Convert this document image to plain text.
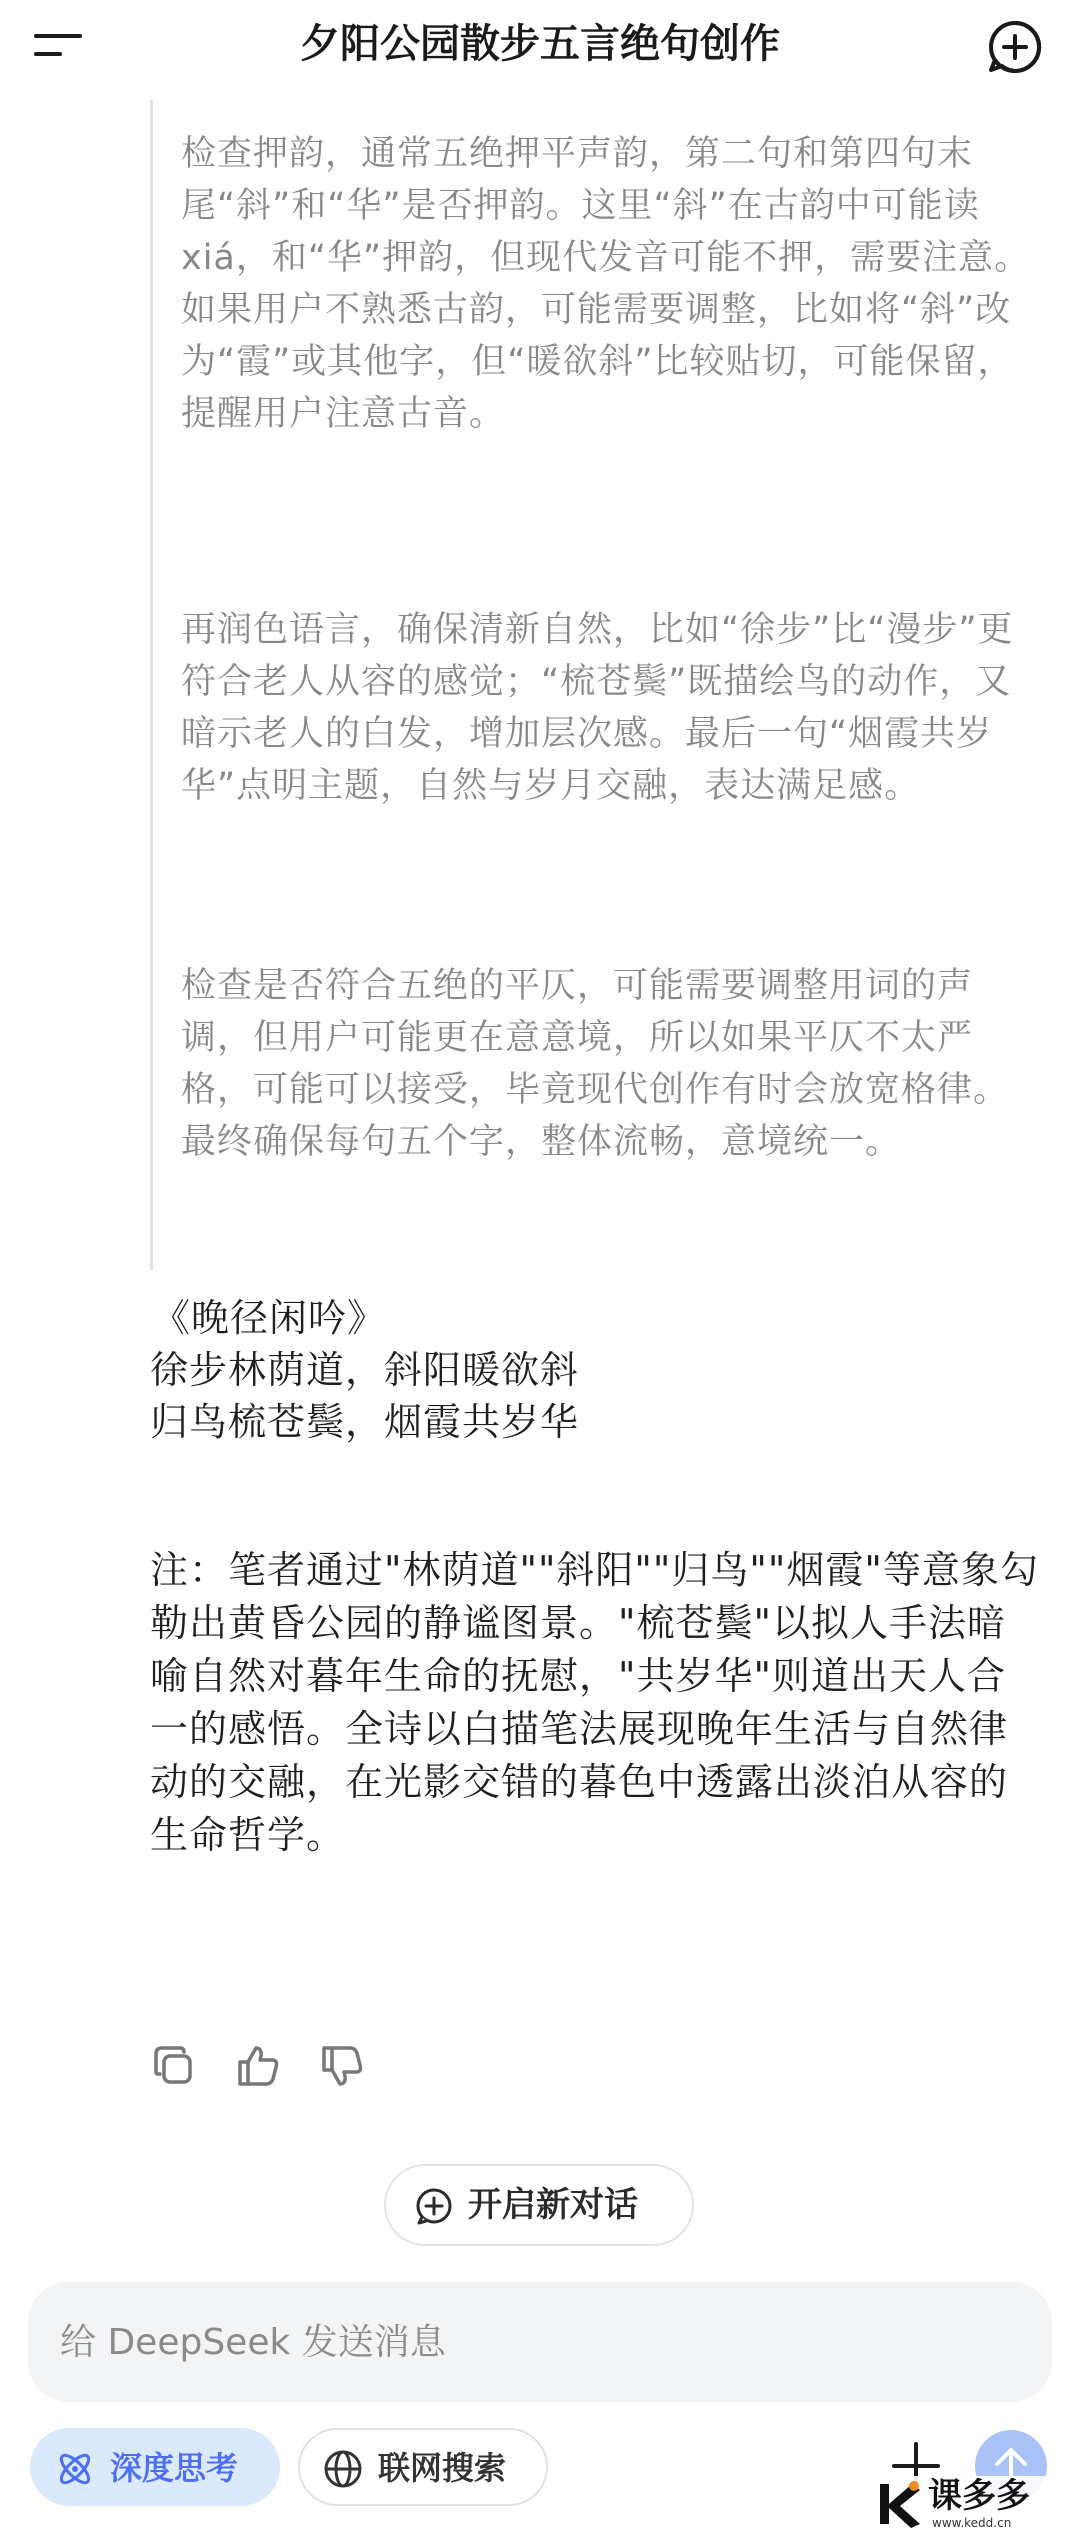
夕阳公园散步五言绝句创作

检查押韵，通常五绝押平声韵，第二句和第四句末尾“斜”和“华”是否押韵。这里“斜”在古韵中可能读xiá，和“华”押韵，但现代发音可能不押，需要注意。如果用户不熟悉古韵，可能需要调整，比如将“斜”改为“霞”或其他字，但“暖欲斜”比较贴切，可能保留，提醒用户注意古音。

再润色语言，确保清新自然，比如“徐步”比“漫步”更符合老人从容的感觉；“梳苍鬓”既描绘鸟的动作，又暗示老人的白发，增加层次感。最后一句“烟霞共岁华”点明主题，自然与岁月交融，表达满足感。

检查是否符合五绝的平仄，可能需要调整用词的声调，但用户可能更在意意境，所以如果平仄不太严格，可能可以接受，毕竟现代创作有时会放宽格律。最终确保每句五个字，整体流畅，意境统一。

《晚径闲吟》
徐步林荫道，斜阳暖欲斜
归鸟梳苍鬓，烟霞共岁华

注：笔者通过"林荫道""斜阳""归鸟""烟霞"等意象勾勒出黄昏公园的静谧图景。"梳苍鬓"以拟人手法暗喻自然对暮年生命的抚慰，"共岁华"则道出天人合一的感悟。全诗以白描笔法展现晚年生活与自然律动的交融，在光影交错的暮色中透露出淡泊从容的生命哲学。

开启新对话
给 DeepSeek 发送消息
深度思考	联网搜索
课多多
www.kedd.cn
